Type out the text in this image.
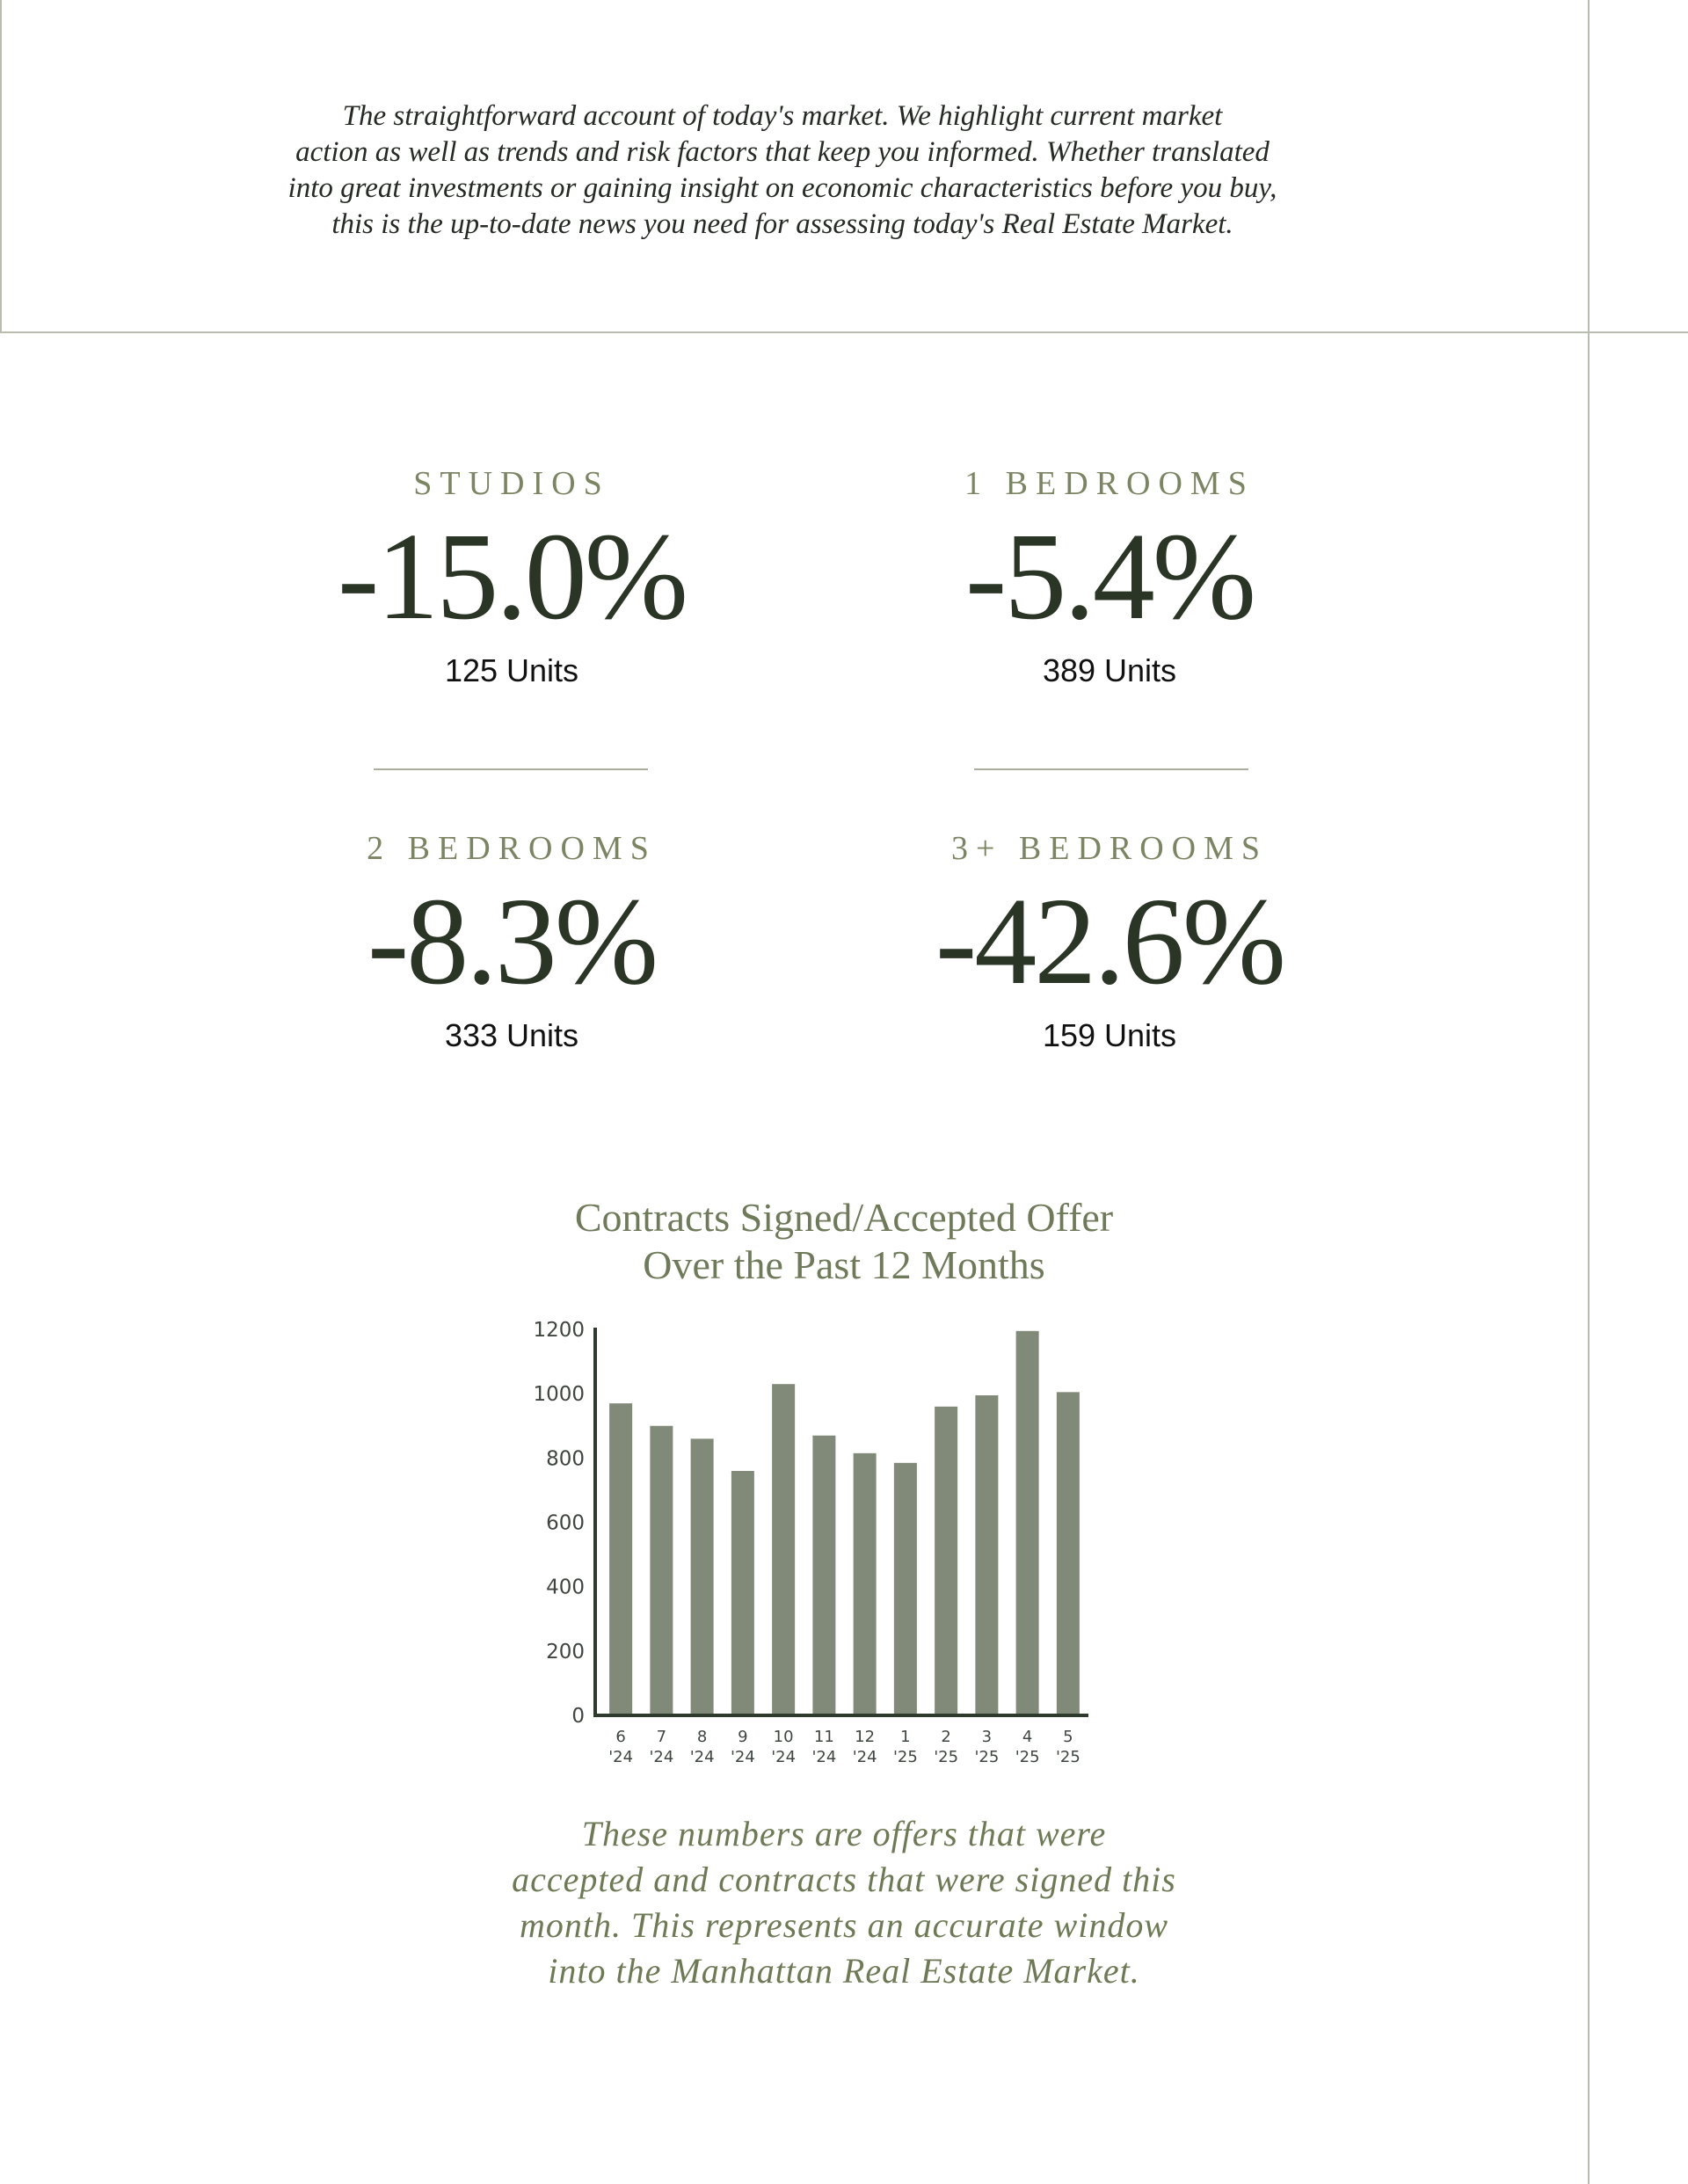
The straightforward account of today's market. We highlight current market
action as well as trends and risk factors that keep you informed. Whether translated
into great investments or gaining insight on economic characteristics before you buy,
this is the up-to-date news you need for assessing today's Real Estate Market.
STUDIOS
-15.0%
125 Units
1 BEDROOMS
-5.4%
389 Units
2 BEDROOMS
-8.3%
333 Units
3+ BEDROOMS
-42.6%
159 Units
Contracts Signed/Accepted Offer
Over the Past 12 Months
0
200
400
600
800
1000
1200
6
'24
7
'24
8
'24
9
'24
10
'24
11
'24
12
'24
1
'25
2
'25
3
'25
4
'25
5
'25
These numbers are offers that were
accepted and contracts that were signed this
month. This represents an accurate window
into the Manhattan Real Estate Market.
